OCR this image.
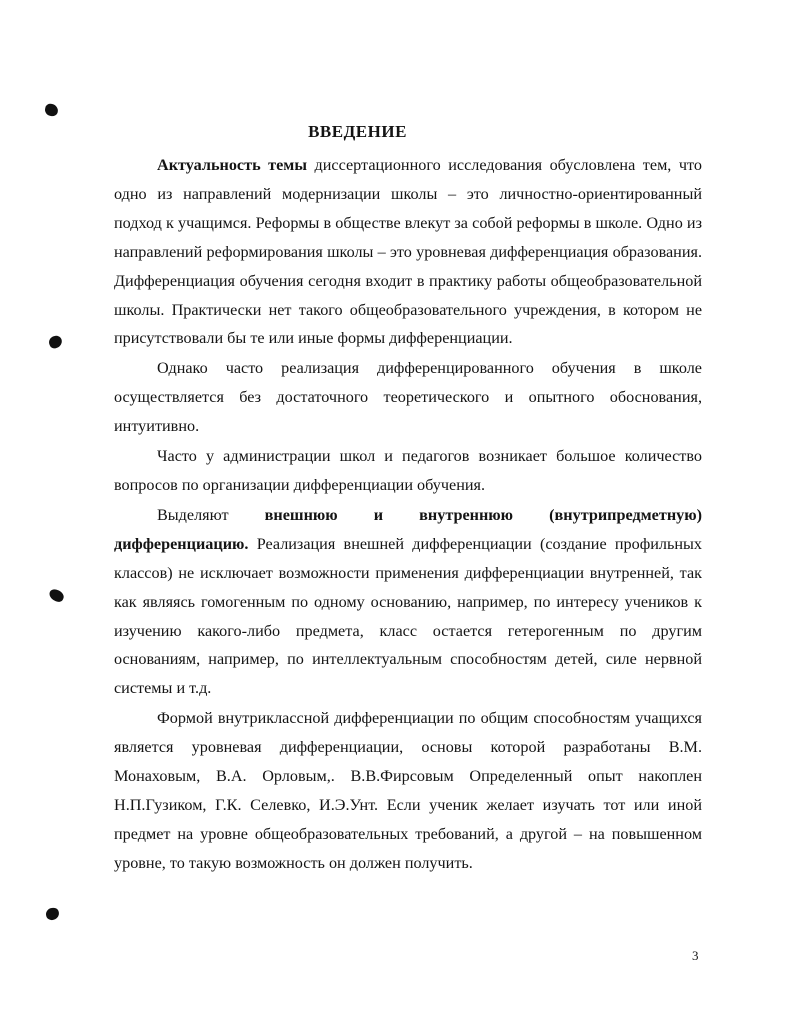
ВВЕДЕНИЕ

Актуальность темы диссертационного исследования обусловлена тем, что одно из направлений модернизации школы – это личностно-ориентированный подход к учащимся. Реформы в обществе влекут за собой реформы в школе. Одно из направлений реформирования школы – это уровневая дифференциация образования. Дифференциация обучения сегодня входит в практику работы общеобразовательной школы. Практически нет такого общеобразовательного учреждения, в котором не присутствовали бы те или иные формы дифференциации.

Однако часто реализация дифференцированного обучения в школе осуществляется без достаточного теоретического и опытного обоснования, интуитивно.

Часто у администрации школ и педагогов возникает большое количество вопросов по организации дифференциации обучения.

Выделяют внешнюю и внутреннюю (внутрипредметную) дифференциацию. Реализация внешней дифференциации (создание профильных классов) не исключает возможности применения дифференциации внутренней, так как являясь гомогенным по одному основанию, например, по интересу учеников к изучению какого-либо предмета, класс остается гетерогенным по другим основаниям, например, по интеллектуальным способностям детей, силе нервной системы и т.д.

Формой внутриклассной дифференциации по общим способностям учащихся является уровневая дифференциации, основы которой разработаны В.М. Монаховым, В.А. Орловым,. В.В.Фирсовым Определенный опыт накоплен Н.П.Гузиком, Г.К. Селевко, И.Э.Унт. Если ученик желает изучать тот или иной предмет на уровне общеобразовательных требований, а другой – на повышенном уровне, то такую возможность он должен получить.

3
